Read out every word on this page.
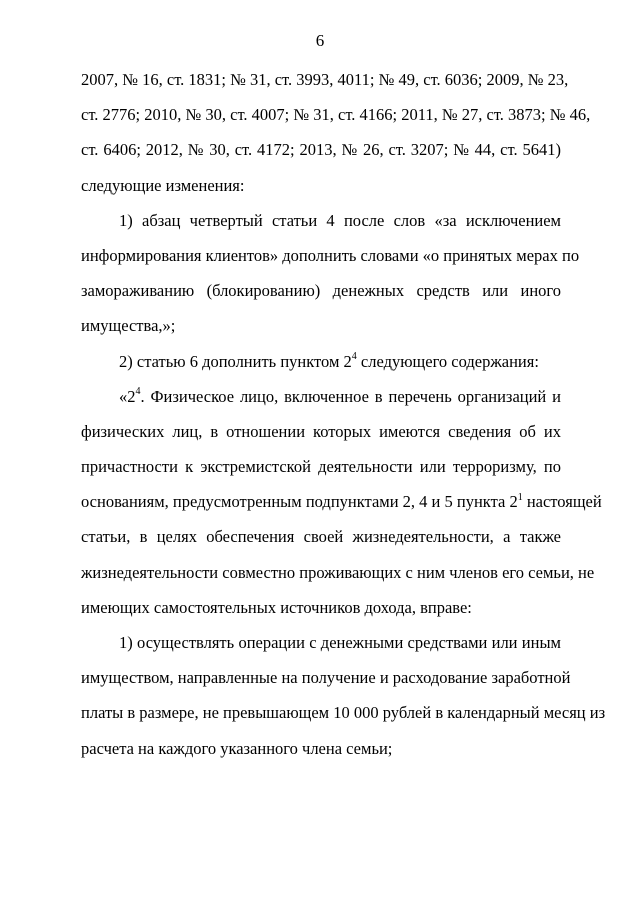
6
2007, № 16, ст. 1831; № 31, ст. 3993, 4011; № 49, ст. 6036; 2009, № 23,
ст. 2776; 2010, № 30, ст. 4007; № 31, ст. 4166; 2011, № 27, ст. 3873; № 46,
ст. 6406; 2012, № 30, ст. 4172; 2013, № 26, ст. 3207; № 44, ст. 5641)
следующие изменения:
1) абзац четвертый статьи 4 после слов «за исключением
информирования клиентов» дополнить словами «о принятых мерах по
замораживанию (блокированию) денежных средств или иного
имущества,»;
2) статью 6 дополнить пунктом $2^4$ следующего содержания:
«$2^4$. Физическое лицо, включенное в перечень организаций и
физических лиц, в отношении которых имеются сведения об их
причастности к экстремистской деятельности или терроризму, по
основаниям, предусмотренным подпунктами 2, 4 и 5 пункта $2^1$ настоящей
статьи, в целях обеспечения своей жизнедеятельности, а также
жизнедеятельности совместно проживающих с ним членов его семьи, не
имеющих самостоятельных источников дохода, вправе:
1) осуществлять операции с денежными средствами или иным
имуществом, направленные на получение и расходование заработной
платы в размере, не превышающем 10 000 рублей в календарный месяц из
расчета на каждого указанного члена семьи;
